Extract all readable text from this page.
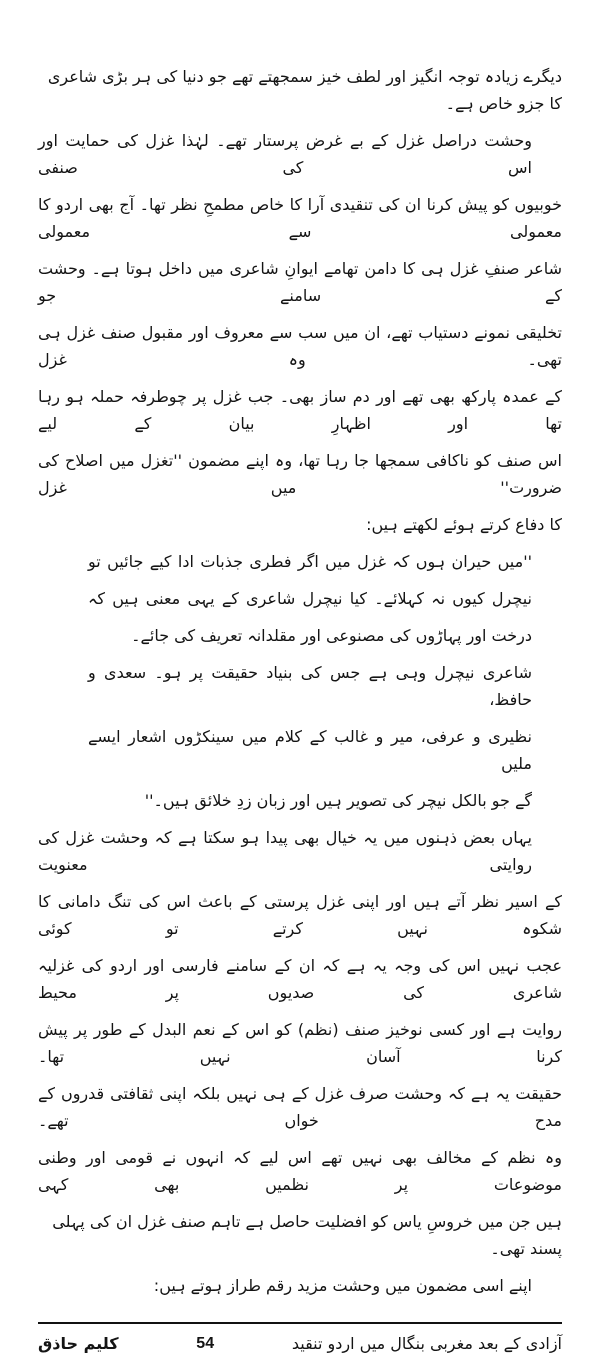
دیگرے زیادہ توجہ انگیز اور لطف خیز سمجھتے تھے جو دنیا کی ہر بڑی شاعری کا جزو خاص ہے۔
وحشت دراصل غزل کے بے غرض پرستار تھے۔ لہٰذا غزل کی حمایت اور اس کی صنفی
خوبیوں کو پیش کرنا ان کی تنقیدی آرا کا خاص مطمحِ نظر تھا۔ آج بھی اردو کا معمولی سے معمولی
شاعر صنفِ غزل ہی کا دامن تھامے ایوانِ شاعری میں داخل ہوتا ہے۔ وحشت کے سامنے جو
تخلیقی نمونے دستیاب تھے، ان میں سب سے معروف اور مقبول صنف غزل ہی تھی۔ وہ غزل
کے عمدہ پارکھ بھی تھے اور دم ساز بھی۔ جب غزل پر چوطرفہ حملہ ہو رہا تھا اور اظہارِ بیان کے لیے
اس صنف کو ناکافی سمجھا جا رہا تھا، وہ اپنے مضمون ''تغزل میں اصلاح کی ضرورت'' میں غزل
کا دفاع کرتے ہوئے لکھتے ہیں:
''میں حیران ہوں کہ غزل میں اگر فطری جذبات ادا کیے جائیں تو
نیچرل کیوں نہ کہلائے۔ کیا نیچرل شاعری کے یہی معنی ہیں کہ
درخت اور پہاڑوں کی مصنوعی اور مقلدانہ تعریف کی جائے۔
شاعری نیچرل وہی ہے جس کی بنیاد حقیقت پر ہو۔ سعدی و حافظ،
نظیری و عرفی، میر و غالب کے کلام میں سینکڑوں اشعار ایسے ملیں
گے جو بالکل نیچر کی تصویر ہیں اور زبان زدِ خلائق ہیں۔''
یہاں بعض ذہنوں میں یہ خیال بھی پیدا ہو سکتا ہے کہ وحشت غزل کی روایتی معنویت
کے اسیر نظر آتے ہیں اور اپنی غزل پرستی کے باعث اس کی تنگ دامانی کا شکوہ نہیں کرتے تو کوئی
عجب نہیں اس کی وجہ یہ ہے کہ ان کے سامنے فارسی اور اردو کی غزلیہ شاعری کی صدیوں پر محیط
روایت ہے اور کسی نوخیز صنف (نظم) کو اس کے نعم البدل کے طور پر پیش کرنا آسان نہیں تھا۔
حقیقت یہ ہے کہ وحشت صرف غزل کے ہی نہیں بلکہ اپنی ثقافتی قدروں کے مدح خواں تھے۔
وہ نظم کے مخالف بھی نہیں تھے اس لیے کہ انہوں نے قومی اور وطنی موضوعات پر نظمیں بھی کہی
ہیں جن میں خروسِ یاس کو افضلیت حاصل ہے تاہم صنف غزل ان کی پہلی پسند تھی۔
اپنے اسی مضمون میں وحشت مزید رقم طراز ہوتے ہیں:
آزادی کے بعد مغربی بنگال میں اردو تنقید
54
کلیم حاذق
